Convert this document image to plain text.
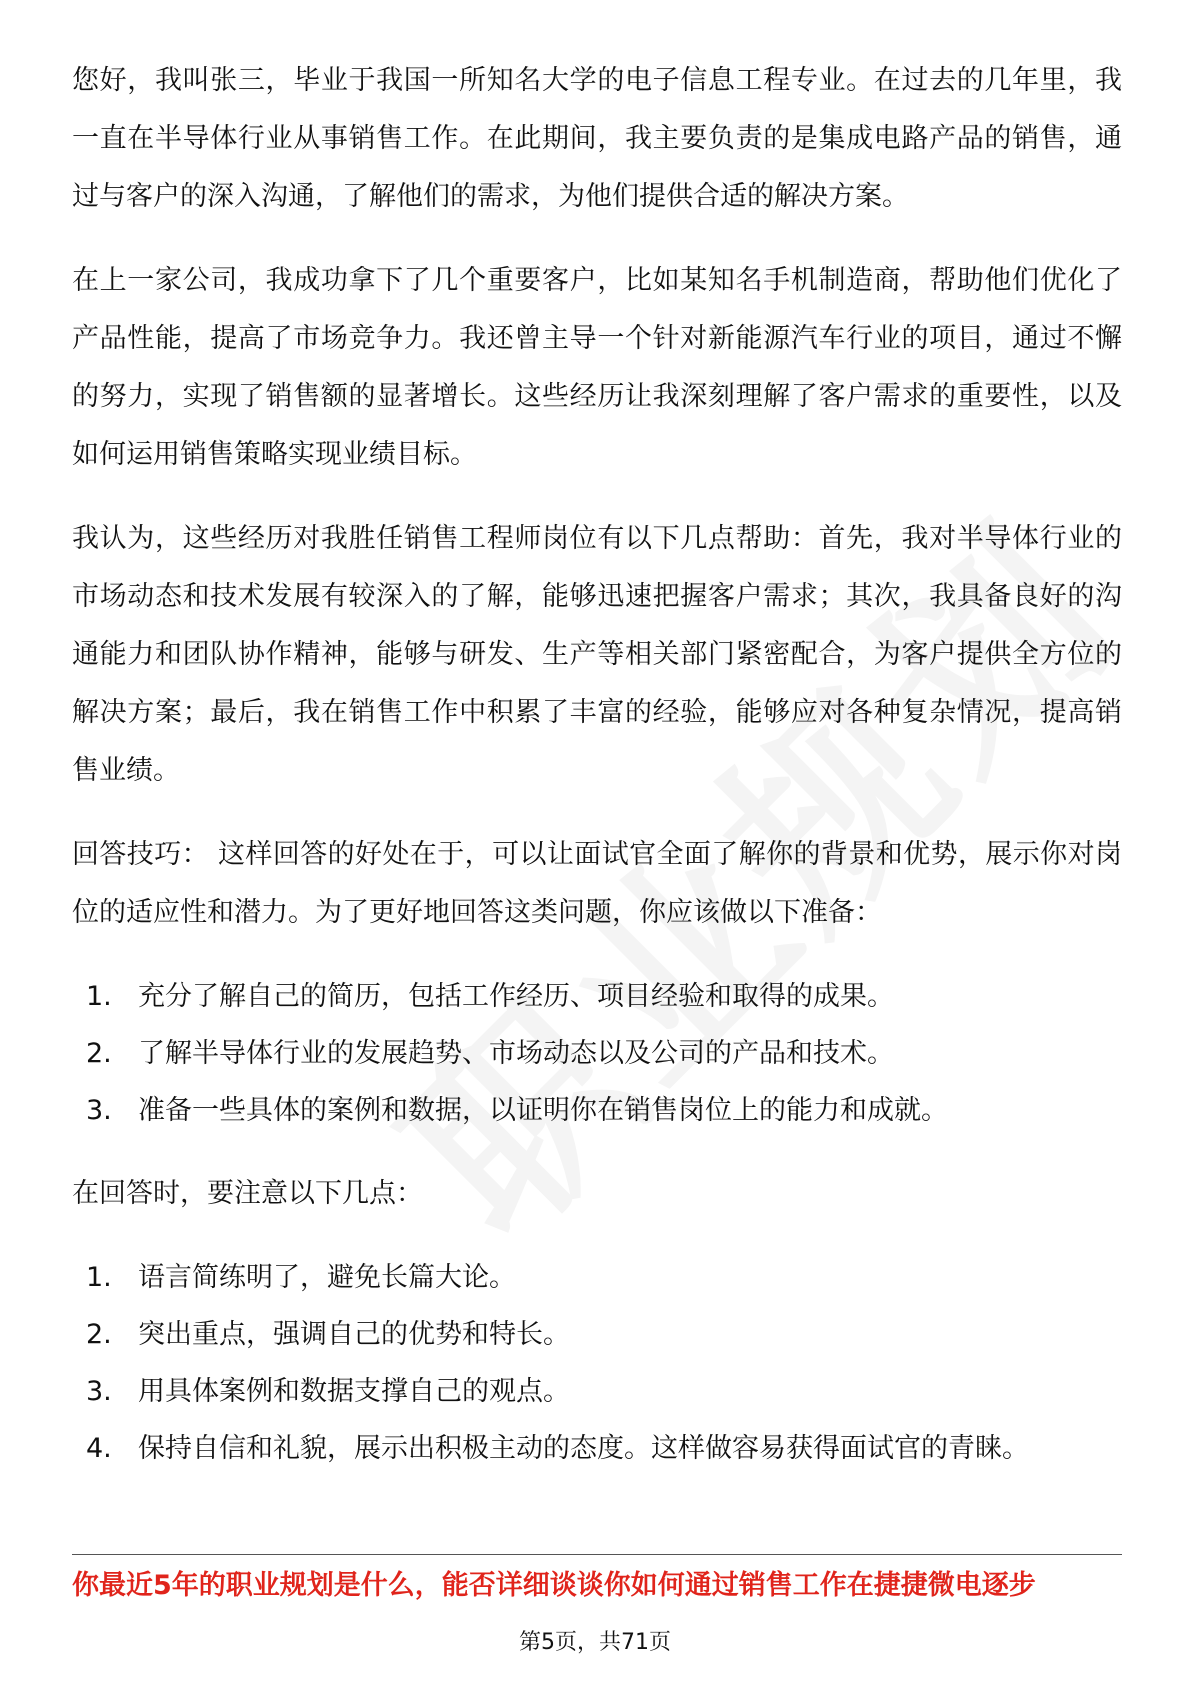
您好，我叫张三，毕业于我国一所知名大学的电子信息工程专业。在过去的几年里，我一直在半导体行业从事销售工作。在此期间，我主要负责的是集成电路产品的销售，通过与客户的深入沟通，了解他们的需求，为他们提供合适的解决方案。

在上一家公司，我成功拿下了几个重要客户，比如某知名手机制造商，帮助他们优化了产品性能，提高了市场竞争力。我还曾主导一个针对新能源汽车行业的项目，通过不懈的努力，实现了销售额的显著增长。这些经历让我深刻理解了客户需求的重要性，以及如何运用销售策略实现业绩目标。

我认为，这些经历对我胜任销售工程师岗位有以下几点帮助：首先，我对半导体行业的市场动态和技术发展有较深入的了解，能够迅速把握客户需求；其次，我具备良好的沟通能力和团队协作精神，能够与研发、生产等相关部门紧密配合，为客户提供全方位的解决方案；最后，我在销售工作中积累了丰富的经验，能够应对各种复杂情况，提高销售业绩。

回答技巧： 这样回答的好处在于，可以让面试官全面了解你的背景和优势，展示你对岗位的适应性和潜力。为了更好地回答这类问题，你应该做以下准备：

1. 充分了解自己的简历，包括工作经历、项目经验和取得的成果。
2. 了解半导体行业的发展趋势、市场动态以及公司的产品和技术。
3. 准备一些具体的案例和数据，以证明你在销售岗位上的能力和成就。

在回答时，要注意以下几点：

1. 语言简练明了，避免长篇大论。
2. 突出重点，强调自己的优势和特长。
3. 用具体案例和数据支撑自己的观点。
4. 保持自信和礼貌，展示出积极主动的态度。这样做容易获得面试官的青睐。
你最近5年的职业规划是什么，能否详细谈谈你如何通过销售工作在捷捷微电逐步
第5页，共71页
